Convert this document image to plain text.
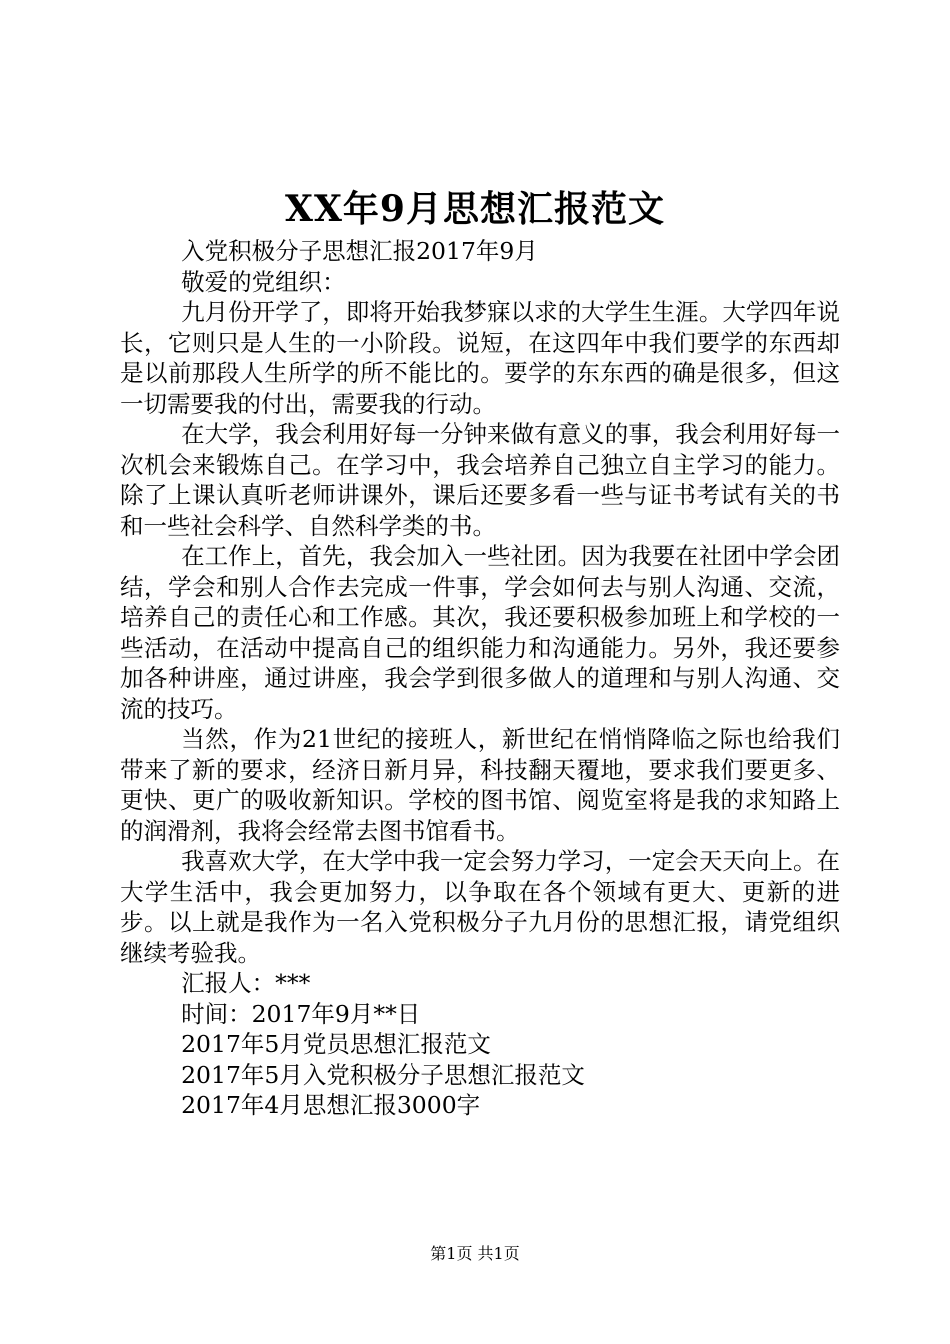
XX年9月思想汇报范文

入党积极分子思想汇报2017年9月

敬爱的党组织：

九月份开学了，即将开始我梦寐以求的大学生生涯。大学四年说长，它则只是人生的一小阶段。说短，在这四年中我们要学的东西却是以前那段人生所学的所不能比的。要学的东东西的确是很多，但这一切需要我的付出，需要我的行动。

在大学，我会利用好每一分钟来做有意义的事，我会利用好每一次机会来锻炼自己。在学习中，我会培养自己独立自主学习的能力。除了上课认真听老师讲课外，课后还要多看一些与证书考试有关的书和一些社会科学、自然科学类的书。

在工作上，首先，我会加入一些社团。因为我要在社团中学会团结，学会和别人合作去完成一件事，学会如何去与别人沟通、交流，培养自己的责任心和工作感。其次，我还要积极参加班上和学校的一些活动，在活动中提高自己的组织能力和沟通能力。另外，我还要参加各种讲座，通过讲座，我会学到很多做人的道理和与别人沟通、交流的技巧。

当然，作为21世纪的接班人，新世纪在悄悄降临之际也给我们带来了新的要求，经济日新月异，科技翻天覆地，要求我们要更多、更快、更广的吸收新知识。学校的图书馆、阅览室将是我的求知路上的润滑剂，我将会经常去图书馆看书。

我喜欢大学，在大学中我一定会努力学习，一定会天天向上。在大学生活中，我会更加努力，以争取在各个领域有更大、更新的进步。以上就是我作为一名入党积极分子九月份的思想汇报，请党组织继续考验我。

汇报人：***

时间：2017年9月**日

2017年5月党员思想汇报范文

2017年5月入党积极分子思想汇报范文

2017年4月思想汇报3000字

第1页 共1页
